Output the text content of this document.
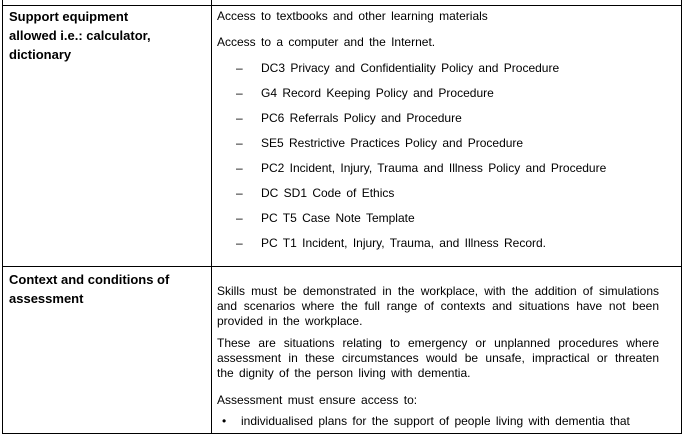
Support equipment allowed i.e.: calculator, dictionary

Access to textbooks and other learning materials

Access to a computer and the Internet.

– DC3 Privacy and Confidentiality Policy and Procedure
– G4 Record Keeping Policy and Procedure
– PC6 Referrals Policy and Procedure
– SE5 Restrictive Practices Policy and Procedure
– PC2 Incident, Injury, Trauma and Illness Policy and Procedure
– DC SD1 Code of Ethics
– PC T5 Case Note Template
– PC T1 Incident, Injury, Trauma, and Illness Record.
Context and conditions of assessment	Skills must be demonstrated in the workplace, with the addition of simulations and scenarios where the full range of contexts and situations have not been provided in the workplace.

These are situations relating to emergency or unplanned procedures where assessment in these circumstances would be unsafe, impractical or threaten the dignity of the person living with dementia.

Assessment must ensure access to:

• individualised plans for the support of people living with dementia that
